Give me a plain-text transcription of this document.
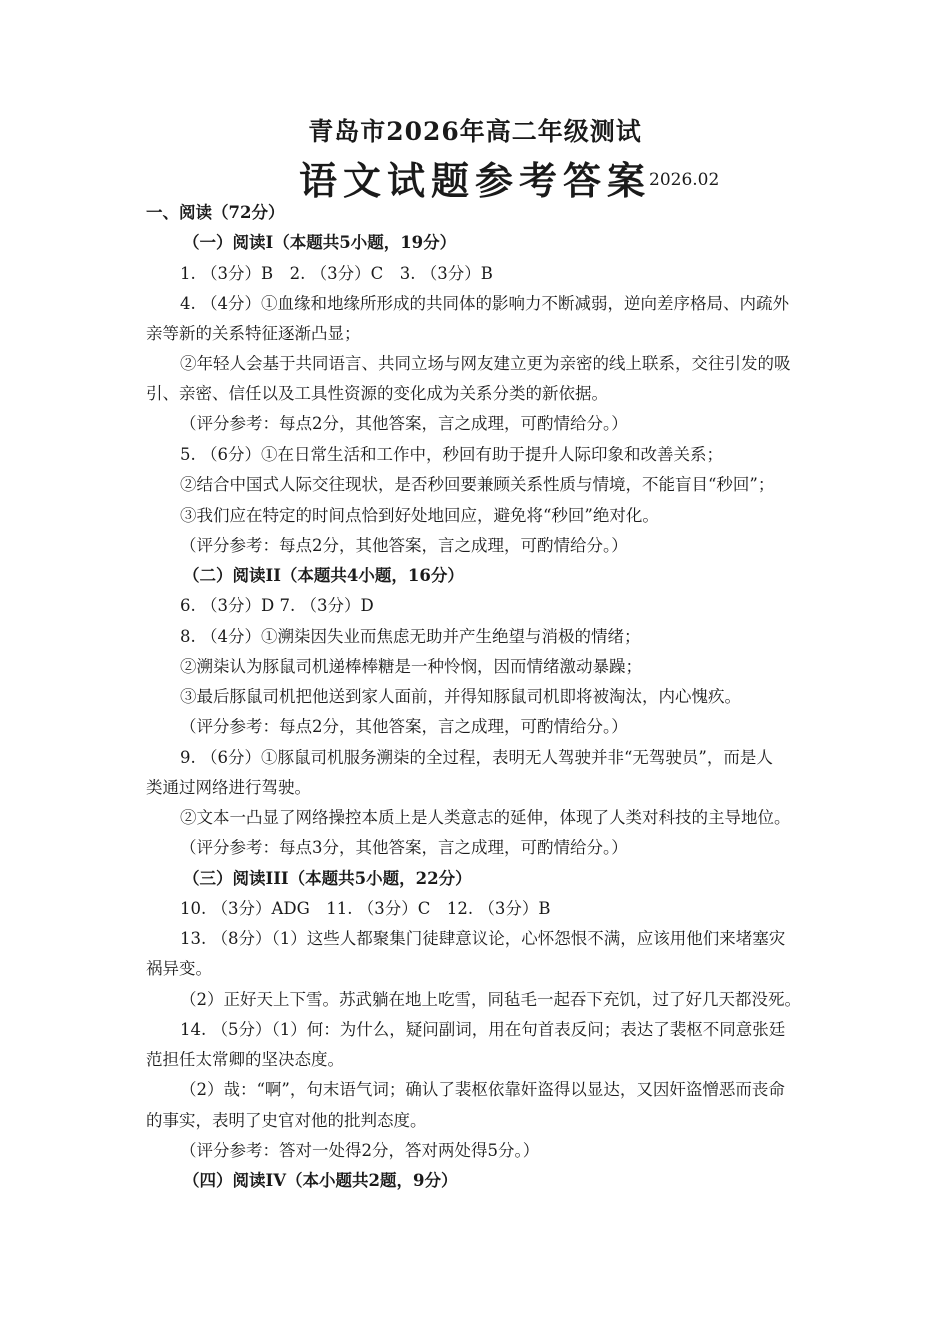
青岛市2026年高二年级测试
语文试题参考答案
2026.02
一、阅读（72分）
（一）阅读I（本题共5小题，19分）
1. （3分）B　2. （3分）C　3. （3分）B
4. （4分）①血缘和地缘所形成的共同体的影响力不断减弱，逆向差序格局、内疏外
亲等新的关系特征逐渐凸显；
②年轻人会基于共同语言、共同立场与网友建立更为亲密的线上联系，交往引发的吸
引、亲密、信任以及工具性资源的变化成为关系分类的新依据。
（评分参考：每点2分，其他答案，言之成理，可酌情给分。）
5. （6分）①在日常生活和工作中，秒回有助于提升人际印象和改善关系；
②结合中国式人际交往现状，是否秒回要兼顾关系性质与情境，不能盲目“秒回”；
③我们应在特定的时间点恰到好处地回应，避免将“秒回”绝对化。
（评分参考：每点2分，其他答案，言之成理，可酌情给分。）
（二）阅读II（本题共4小题，16分）
6. （3分）D 7. （3分）D
8. （4分）①溯柒因失业而焦虑无助并产生绝望与消极的情绪；
②溯柒认为豚鼠司机递棒棒糖是一种怜悯，因而情绪激动暴躁；
③最后豚鼠司机把他送到家人面前，并得知豚鼠司机即将被淘汰，内心愧疚。
（评分参考：每点2分，其他答案，言之成理，可酌情给分。）
9. （6分）①豚鼠司机服务溯柒的全过程，表明无人驾驶并非“无驾驶员”，而是人
类通过网络进行驾驶。
②文本一凸显了网络操控本质上是人类意志的延伸，体现了人类对科技的主导地位。
（评分参考：每点3分，其他答案，言之成理，可酌情给分。）
（三）阅读III（本题共5小题，22分）
10. （3分）ADG　11. （3分）C　12. （3分）B
13. （8分）（1）这些人都聚集门徒肆意议论，心怀怨恨不满，应该用他们来堵塞灾
祸异变。
（2）正好天上下雪。苏武躺在地上吃雪，同毡毛一起吞下充饥，过了好几天都没死。
14. （5分）（1）何：为什么，疑问副词，用在句首表反问；表达了裴枢不同意张廷
范担任太常卿的坚决态度。
（2）哉：“啊”，句末语气词；确认了裴枢依靠奸盗得以显达，又因奸盗憎恶而丧命
的事实，表明了史官对他的批判态度。
（评分参考：答对一处得2分，答对两处得5分。）
（四）阅读IV（本小题共2题，9分）
